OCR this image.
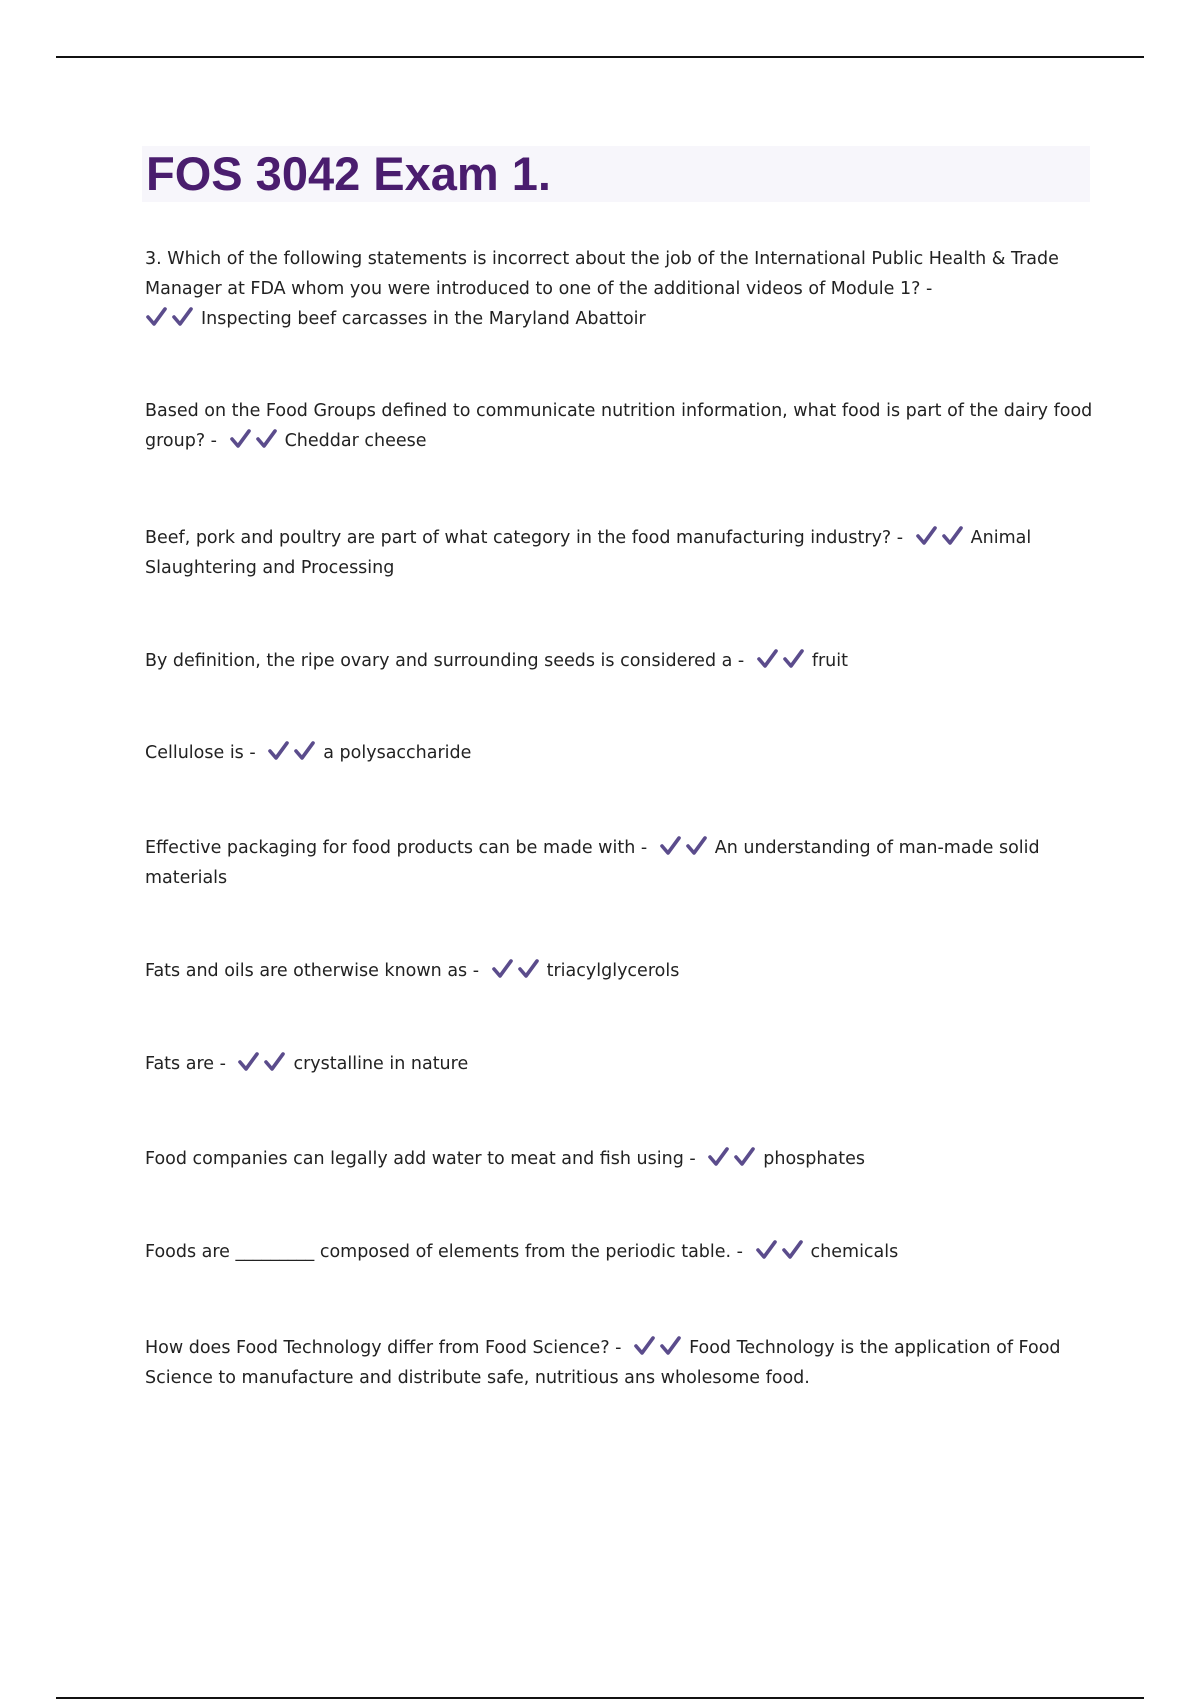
FOS 3042 Exam 1.

3. Which of the following statements is incorrect about the job of the International Public Health & Trade Manager at FDA whom you were introduced to one of the additional videos of Module 1? -

Inspecting beef carcasses in the Maryland Abattoir

Based on the Food Groups defined to communicate nutrition information, what food is part of the dairy food group? -	Cheddar cheese

Beef, pork and poultry are part of what category in the food manufacturing industry? -	Animal Slaughtering and Processing

By definition, the ripe ovary and surrounding seeds is considered a -	fruit

Cellulose is -	a polysaccharide

Effective packaging for food products can be made with -	An understanding of man-made solid materials

Fats and oils are otherwise known as -	triacylglycerols

Fats are -	crystalline in nature

Food companies can legally add water to meat and fish using -	phosphates

Foods are _________ composed of elements from the periodic table. -	chemicals

How does Food Technology differ from Food Science? -	Food Technology is the application of Food Science to manufacture and distribute safe, nutritious ans wholesome food.
